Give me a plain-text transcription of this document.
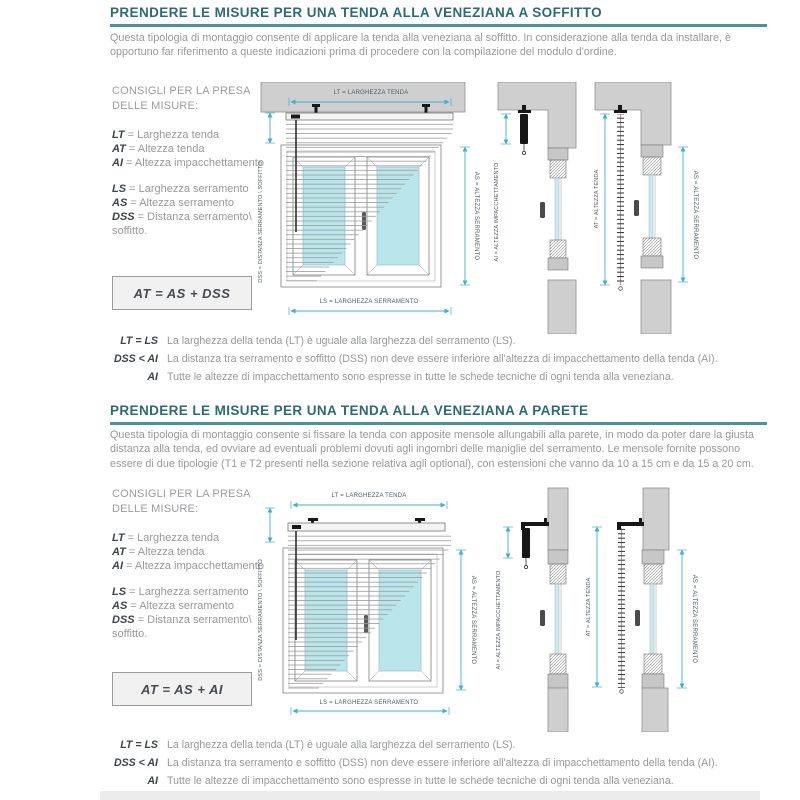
PRENDERE LE MISURE PER UNA TENDA ALLA VENEZIANA A SOFFITTO
Questa tipologia di montaggio consente di applicare la tenda alla veneziana al soffitto. In considerazione alla tenda da installare, è opportuno far riferimento a queste indicazioni prima di procedere con la compilazione del modulo d'ordine.
CONSIGLI PER LA PRESA
DELLE MISURE:
LT = Larghezza tenda
AT = Altezza tenda
AI = Altezza impacchettamento
LS = Larghezza serramento
AS = Altezza serramento
DSS = Distanza serramento\ soffitto.
AT = AS + DSS
LT = LARGHEZZA TENDA
DSS = DISTANZA SERRAMENTO \ SOFFITTO	AS = ALTEZZA SERRAMENTO
LS = LARGHEZZA SERRAMENTO
AI = ALTEZZA IMPACCHETTAMENTO	AT = ALTEZZA TENDA	AS = ALTEZZA SERRAMENTO
LT = LS La larghezza della tenda (LT) è uguale alla larghezza del serramento (LS).
DSS < AI La distanza tra serramento e soffitto (DSS) non deve essere inferiore all'altezza di impacchettamento della tenda (AI).
AI Tutte le altezze di impacchettamento sono espresse in tutte le schede tecniche di ogni tenda alla veneziana.
PRENDERE LE MISURE PER UNA TENDA ALLA VENEZIANA A PARETE
Questa tipologia di montaggio consente si fissare la tenda con apposite mensole allungabili alla parete, in modo da poter dare la giusta distanza alla tenda, ed ovviare ad eventuali problemi dovuti agli ingombri delle maniglie del serramento. Le mensole fornite possono essere di due tipologie (T1 e T2 presenti nella sezione relativa agli optional), con estensioni che vanno da 10 a 15 cm e da 15 a 20 cm.
CONSIGLI PER LA PRESA
DELLE MISURE:
LT = Larghezza tenda
AT = Altezza tenda
AI = Altezza impacchettamento
LS = Larghezza serramento
AS = Altezza serramento
DSS = Distanza serramento\ soffitto.
AT = AS + AI
LT = LARGHEZZA TENDA
DSS = DISTANZA SERRAMENTO \ SOFFITTO	AS = ALTEZZA SERRAMENTO
LS = LARGHEZZA SERRAMENTO
AI = ALTEZZA IMPACCHETTAMENTO	AT = ALTEZZA TENDA	AS = ALTEZZA SERRAMENTO
LT = LS La larghezza della tenda (LT) è uguale alla larghezza del serramento (LS).
DSS < AI La distanza tra serramento e soffitto (DSS) non deve essere inferiore all'altezza di impacchettamento della tenda (AI).
AI Tutte le altezze di impacchettamento sono espresse in tutte le schede tecniche di ogni tenda alla veneziana.
